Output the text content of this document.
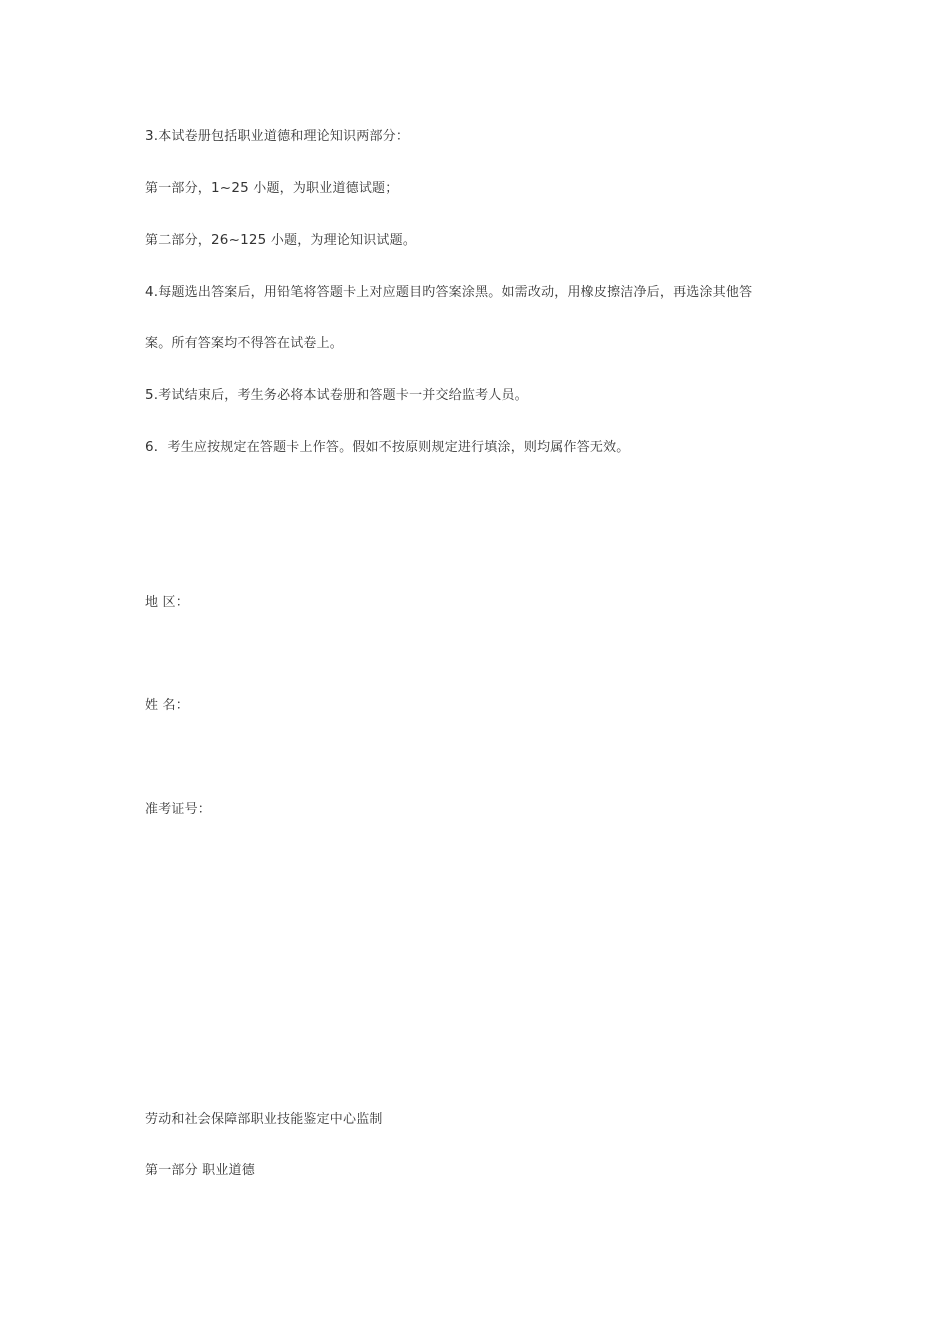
3.本试卷册包括职业道德和理论知识两部分：
第一部分，1~25 小题，为职业道德试题；
第二部分，26~125 小题，为理论知识试题。
4.每题选出答案后，用铅笔将答题卡上对应题目旳答案涂黑。如需改动，用橡皮擦洁净后，再选涂其他答
案。所有答案均不得答在试卷上。
5.考试结束后，考生务必将本试卷册和答题卡一并交给监考人员。
6．考生应按规定在答题卡上作答。假如不按原则规定进行填涂，则均属作答无效。
地 区：
姓 名：
准考证号：
劳动和社会保障部职业技能鉴定中心监制
第一部分 职业道德
